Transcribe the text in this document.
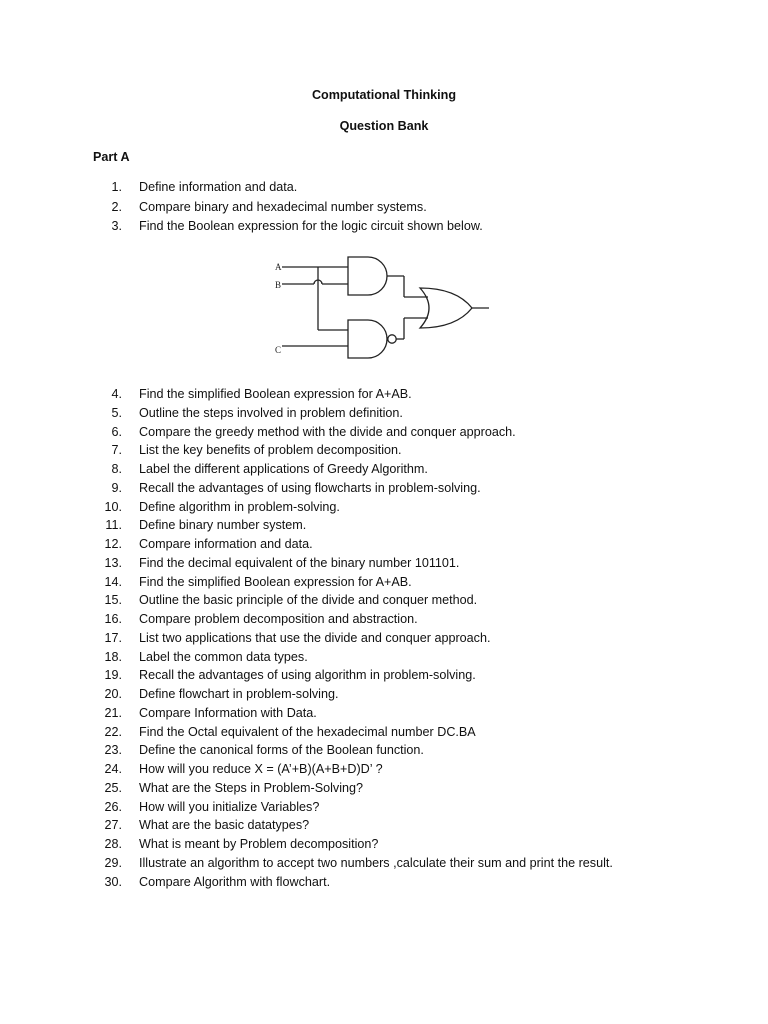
Computational Thinking
Question Bank
Part A
1. Define information and data.
2. Compare binary and hexadecimal number systems.
3. Find the Boolean expression for the logic circuit shown below.
A
B
C
4. Find the simplified Boolean expression for A+AB.
5. Outline the steps involved in problem definition.
6. Compare the greedy method with the divide and conquer approach.
7. List the key benefits of problem decomposition.
8. Label the different applications of Greedy Algorithm.
9. Recall the advantages of using flowcharts in problem-solving.
10. Define algorithm in problem-solving.
11. Define binary number system.
12. Compare information and data.
13. Find the decimal equivalent of the binary number 101101.
14. Find the simplified Boolean expression for A+AB.
15. Outline the basic principle of the divide and conquer method.
16. Compare problem decomposition and abstraction.
17. List two applications that use the divide and conquer approach.
18. Label the common data types.
19. Recall the advantages of using algorithm in problem-solving.
20. Define flowchart in problem-solving.
21. Compare Information with Data.
22. Find the Octal equivalent of the hexadecimal number DC.BA
23. Define the canonical forms of the Boolean function.
24. How will you reduce X = (A’+B)(A+B+D)D’ ?
25. What are the Steps in Problem-Solving?
26. How will you initialize Variables?
27. What are the basic datatypes?
28. What is meant by Problem decomposition?
29. Illustrate an algorithm to accept two numbers ,calculate their sum and print the result.
30. Compare Algorithm with flowchart.
